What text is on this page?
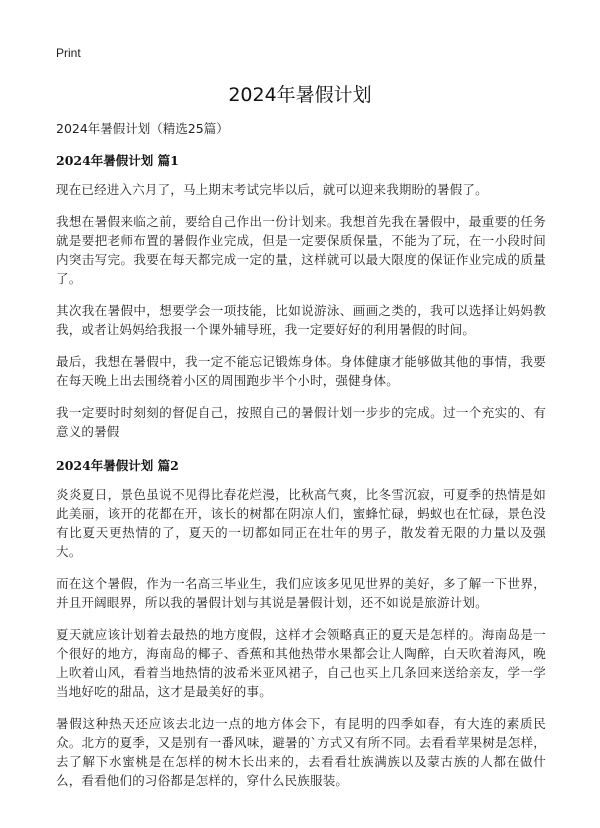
Print
2024年暑假计划

2024年暑假计划（精选25篇）

2024年暑假计划 篇1

现在已经进入六月了，马上期末考试完毕以后，就可以迎来我期盼的暑假了。

我想在暑假来临之前，要给自己作出一份计划来。我想首先我在暑假中，最重要的任务就是要把老师布置的暑假作业完成，但是一定要保质保量，不能为了玩，在一小段时间内突击写完。我要在每天都完成一定的量，这样就可以最大限度的保证作业完成的质量了。

其次我在暑假中，想要学会一项技能，比如说游泳、画画之类的，我可以选择让妈妈教我，或者让妈妈给我报一个课外辅导班，我一定要好好的利用暑假的时间。

最后，我想在暑假中，我一定不能忘记锻炼身体。身体健康才能够做其他的事情，我要在每天晚上出去围绕着小区的周围跑步半个小时，强健身体。

我一定要时时刻刻的督促自己，按照自己的暑假计划一步步的完成。过一个充实的、有意义的暑假

2024年暑假计划 篇2

炎炎夏日，景色虽说不见得比春花烂漫，比秋高气爽，比冬雪沉寂，可夏季的热情是如此美丽，该开的花都在开，该长的树都在阴凉人们，蜜蜂忙碌，蚂蚁也在忙碌，景色没有比夏天更热情的了，夏天的一切都如同正在壮年的男子，散发着无限的力量以及强大。

而在这个暑假，作为一名高三毕业生，我们应该多见见世界的美好，多了解一下世界，并且开阔眼界，所以我的暑假计划与其说是暑假计划，还不如说是旅游计划。

夏天就应该计划着去最热的地方度假，这样才会领略真正的夏天是怎样的。海南岛是一个很好的地方，海南岛的椰子、香蕉和其他热带水果都会让人陶醉，白天吹着海风，晚上吹着山风，看着当地热情的波希米亚风裙子，自己也买上几条回来送给亲友，学一学当地好吃的甜品，这才是最美好的事。

暑假这种热天还应该去北边一点的地方体会下，有昆明的四季如春，有大连的素质民众。北方的夏季，又是别有一番风味，避暑的`方式又有所不同。去看看苹果树是怎样，去了解下水蜜桃是在怎样的树木长出来的，去看看壮族满族以及蒙古族的人都在做什么，看看他们的习俗都是怎样的，穿什么民族服装。
